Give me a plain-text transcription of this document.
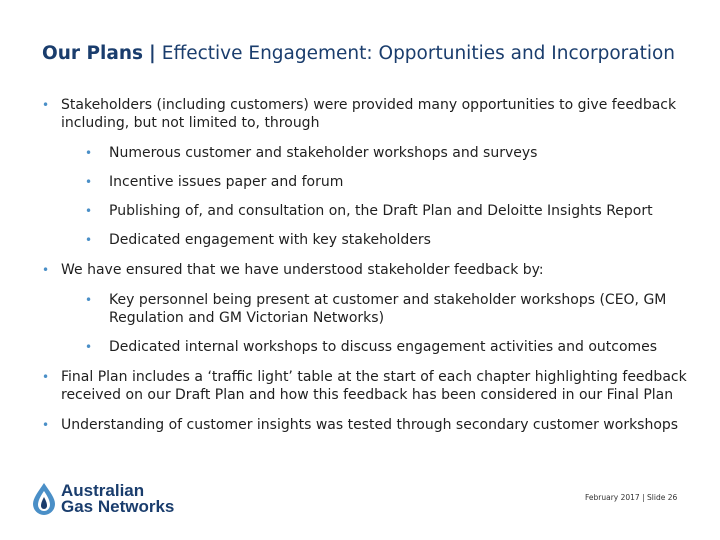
Our Plans | Effective Engagement: Opportunities and Incorporation
• Stakeholders (including customers) were provided many opportunities to give feedback including, but not limited to, through
• Numerous customer and stakeholder workshops and surveys
• Incentive issues paper and forum
• Publishing of, and consultation on, the Draft Plan and Deloitte Insights Report
• Dedicated engagement with key stakeholders
• We have ensured that we have understood stakeholder feedback by:
• Key personnel being present at customer and stakeholder workshops (CEO, GM Regulation and GM Victorian Networks)
• Dedicated internal workshops to discuss engagement activities and outcomes
• Final Plan includes a ‘traffic light’ table at the start of each chapter highlighting feedback received on our Draft Plan and how this feedback has been considered in our Final Plan
• Understanding of customer insights was tested through secondary customer workshops
Australian
Gas Networks	February 2017 | Slide 26
